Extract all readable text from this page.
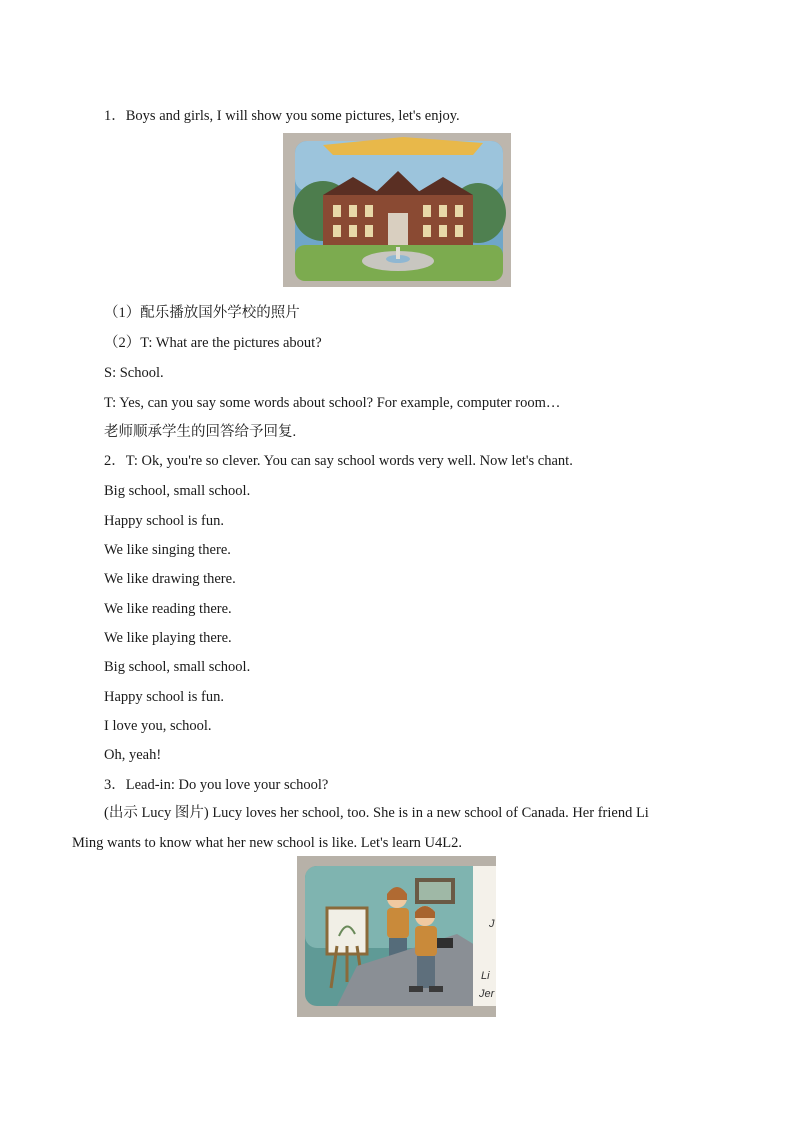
1．Boys and girls, I will show you some pictures, let's enjoy.
（1）配乐播放国外学校的照片
（2）T: What are the pictures about?
S: School.
T: Yes, can you say some words about school? For example, computer room…
老师顺承学生的回答给予回复.
2．T: Ok, you're so clever. You can say school words very well. Now let's chant.
Big school, small school.
Happy school is fun.
We like singing there.
We like drawing there.
We like reading there.
We like playing there.
Big school, small school.
Happy school is fun.
I love you, school.
Oh, yeah!
3．Lead-in: Do you love your school?
(出示 Lucy 图片) Lucy loves her school, too. She is in a new school of Canada. Her friend Li
Ming wants to know what her new school is like. Let's learn U4L2.
J
Li
Jer
